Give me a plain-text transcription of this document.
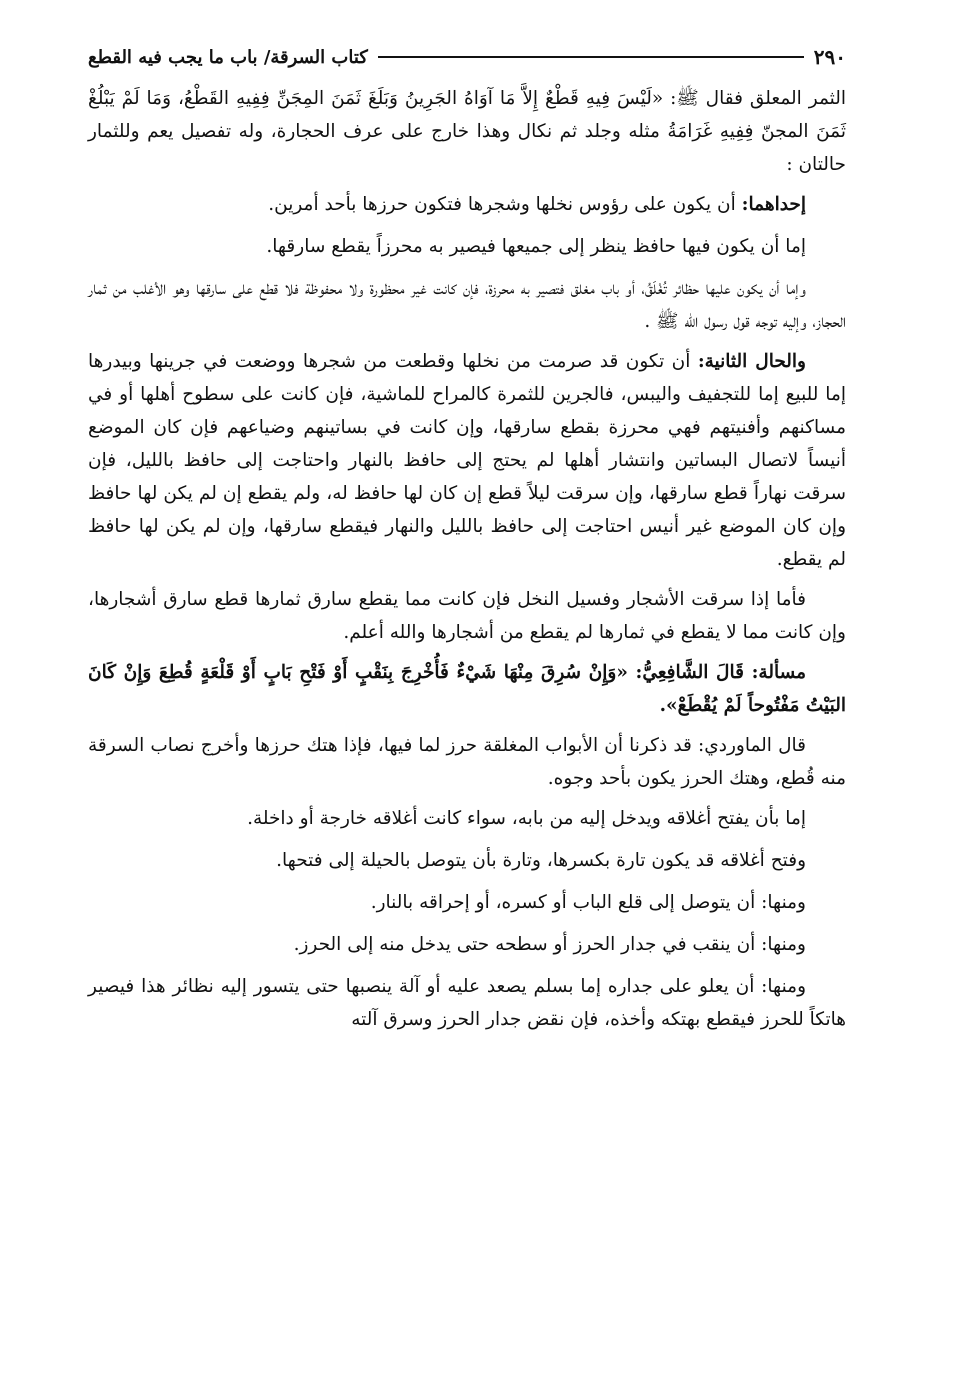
٢٩٠
كتاب السرقة/ باب ما يجب فيه القطع

الثمر المعلق فقال ﷺ: «لَيْسَ فِيهِ قَطْعٌ إِلاَّ مَا آوَاهُ الجَرِينُ وَبَلَغَ ثَمَنَ المِجَنِّ فِفِيهِ القَطْعُ، وَمَا لَمْ يَبْلُغْ ثَمَنَ المجنّ فِفِيهِ غَرَامَةُ مثله وجلد ثم نكال وهذا خارج على عرف الحجارة، وله تفصيل يعم وللثمار حالتان :

إحداهما: أن يكون على رؤوس نخلها وشجرها فتكون حرزها بأحد أمرين.

إما أن يكون فيها حافظ ينظر إلى جميعها فيصير به محرزاً يقطع سارقها.

وإما أن يكون عليها حظائر تُغْلَقُ، أو باب مغلق فتصير به محرزة، فإن كانت غير محظورة ولا محفوظة فلا قطع على سارقها وهو الأغلب من ثمار الحجاز، وإليه توجه قول رسول الله ﷺ .

والحال الثانية: أن تكون قد صرمت من نخلها وقطعت من شجرها ووضعت في جرينها وبيدرها إما للبيع إما للتجفيف واليبس، فالجرين للثمرة كالمراح للماشية، فإن كانت على سطوح أهلها أو في مساكنهم وأفنيتهم فهي محرزة بقطع سارقها، وإن كانت في بساتينهم وضياعهم فإن كان الموضع أنيساً لاتصال البساتين وانتشار أهلها لم يحتج إلى حافظ بالنهار واحتاجت إلى حافظ بالليل، فإن سرقت نهاراً قطع سارقها، وإن سرقت ليلاً قطع إن كان لها حافظ له، ولم يقطع إن لم يكن لها حافظ وإن كان الموضع غير أنيس احتاجت إلى حافظ بالليل والنهار فيقطع سارقها، وإن لم يكن لها حافظ لم يقطع.

فأما إذا سرقت الأشجار وفسيل النخل فإن كانت مما يقطع سارق ثمارها قطع سارق أشجارها، وإن كانت مما لا يقطع في ثمارها لم يقطع من أشجارها والله أعلم.

مسألة: قَالَ الشَّافِعِيُّ: «وَإِنْ سُرِقَ مِنْهَا شَيْءٌ فَأُخْرِجَ بِنَقْبٍ أَوْ فَتْحِ بَابٍ أَوْ قَلْعَةٍ قُطِعَ وَإِنْ كَانَ البَيْتُ مَفْتُوحاً لَمْ يُقْطَعْ».

قال الماوردي: قد ذكرنا أن الأبواب المغلقة حرز لما فيها، فإذا هتك حرزها وأخرج نصاب السرقة منه قُطع، وهتك الحرز يكون بأحد وجوه.

إما بأن يفتح أغلاقه ويدخل إليه من بابه، سواء كانت أغلاقه خارجة أو داخلة.

وفتح أغلاقه قد يكون تارة بكسرها، وتارة بأن يتوصل بالحيلة إلى فتحها.

ومنها: أن يتوصل إلى قلع الباب أو كسره، أو إحراقه بالنار.

ومنها: أن ينقب في جدار الحرز أو سطحه حتى يدخل منه إلى الحرز.

ومنها: أن يعلو على جداره إما بسلم يصعد عليه أو آلة ينصبها حتى يتسور إليه نظائر هذا فيصير هاتكاً للحرز فيقطع بهتكه وأخذه، فإن نقض جدار الحرز وسرق آلته
